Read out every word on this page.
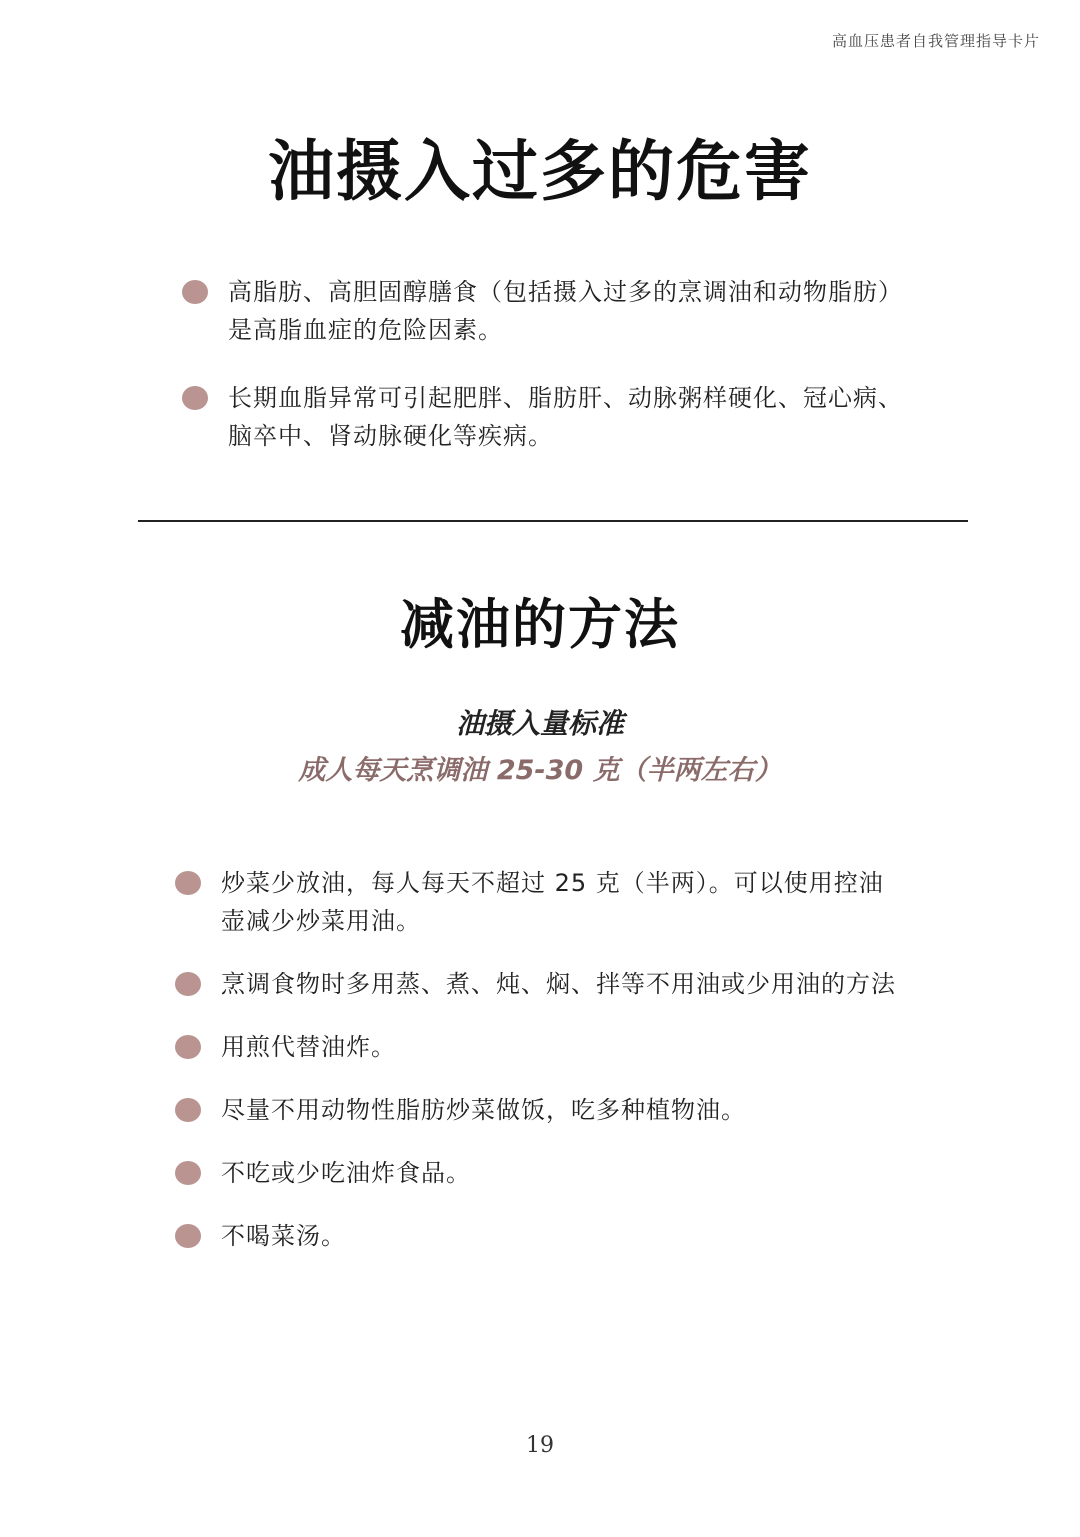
高血压患者自我管理指导卡片
油摄入过多的危害
高脂肪、高胆固醇膳食（包括摄入过多的烹调油和动物脂肪）
是高脂血症的危险因素。
长期血脂异常可引起肥胖、脂肪肝、动脉粥样硬化、冠心病、
脑卒中、肾动脉硬化等疾病。
减油的方法
油摄入量标准
成人每天烹调油 25-30 克（半两左右）
炒菜少放油，每人每天不超过 25 克（半两）。可以使用控油
壶减少炒菜用油。
烹调食物时多用蒸、煮、炖、焖、拌等不用油或少用油的方法
用煎代替油炸。
尽量不用动物性脂肪炒菜做饭，吃多种植物油。
不吃或少吃油炸食品。
不喝菜汤。
19
